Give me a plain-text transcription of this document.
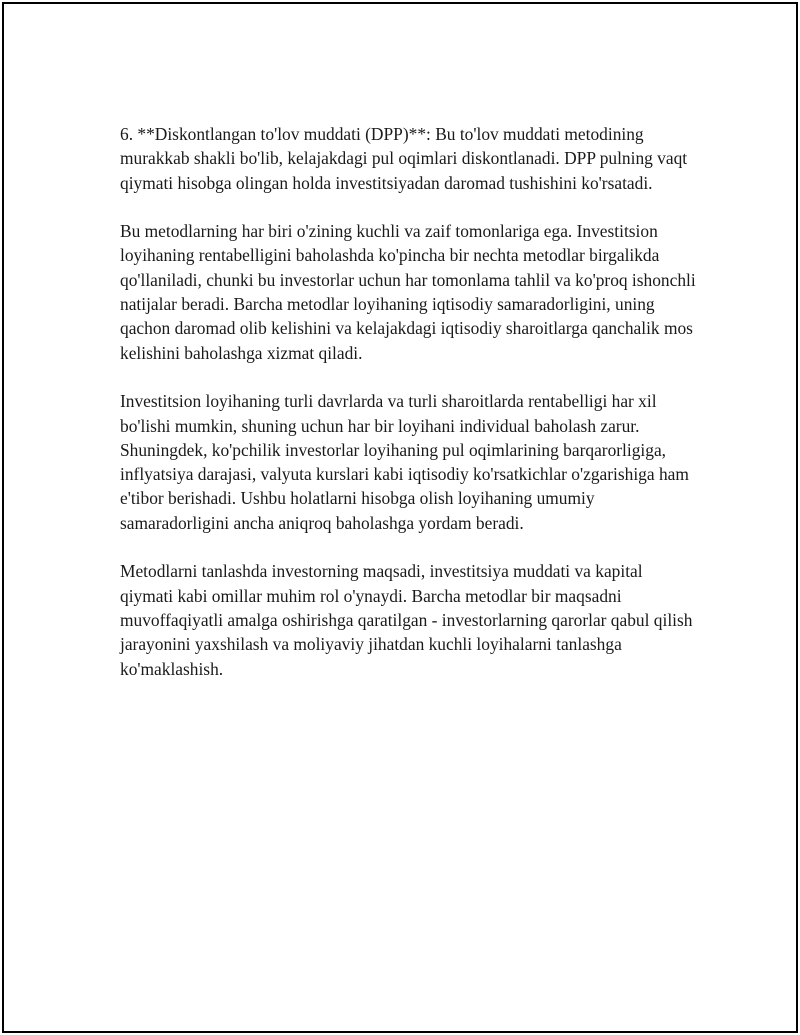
6. **Diskontlangan to'lov muddati (DPP)**: Bu to'lov muddati metodining murakkab shakli bo'lib, kelajakdagi pul oqimlari diskontlanadi. DPP pulning vaqt qiymati hisobga olingan holda investitsiyadan daromad tushishini ko'rsatadi.

Bu metodlarning har biri o'zining kuchli va zaif tomonlariga ega. Investitsion loyihaning rentabelligini baholashda ko'pincha bir nechta metodlar birgalikda qo'llaniladi, chunki bu investorlar uchun har tomonlama tahlil va ko'proq ishonchli natijalar beradi. Barcha metodlar loyihaning iqtisodiy samaradorligini, uning qachon daromad olib kelishini va kelajakdagi iqtisodiy sharoitlarga qanchalik mos kelishini baholashga xizmat qiladi.

Investitsion loyihaning turli davrlarda va turli sharoitlarda rentabelligi har xil bo'lishi mumkin, shuning uchun har bir loyihani individual baholash zarur. Shuningdek, ko'pchilik investorlar loyihaning pul oqimlarining barqarorligiga, inflyatsiya darajasi, valyuta kurslari kabi iqtisodiy ko'rsatkichlar o'zgarishiga ham e'tibor berishadi. Ushbu holatlarni hisobga olish loyihaning umumiy samaradorligini ancha aniqroq baholashga yordam beradi.

Metodlarni tanlashda investorning maqsadi, investitsiya muddati va kapital qiymati kabi omillar muhim rol o'ynaydi. Barcha metodlar bir maqsadni muvoffaqiyatli amalga oshirishga qaratilgan - investorlarning qarorlar qabul qilish jarayonini yaxshilash va moliyaviy jihatdan kuchli loyihalarni tanlashga ko'maklashish.
